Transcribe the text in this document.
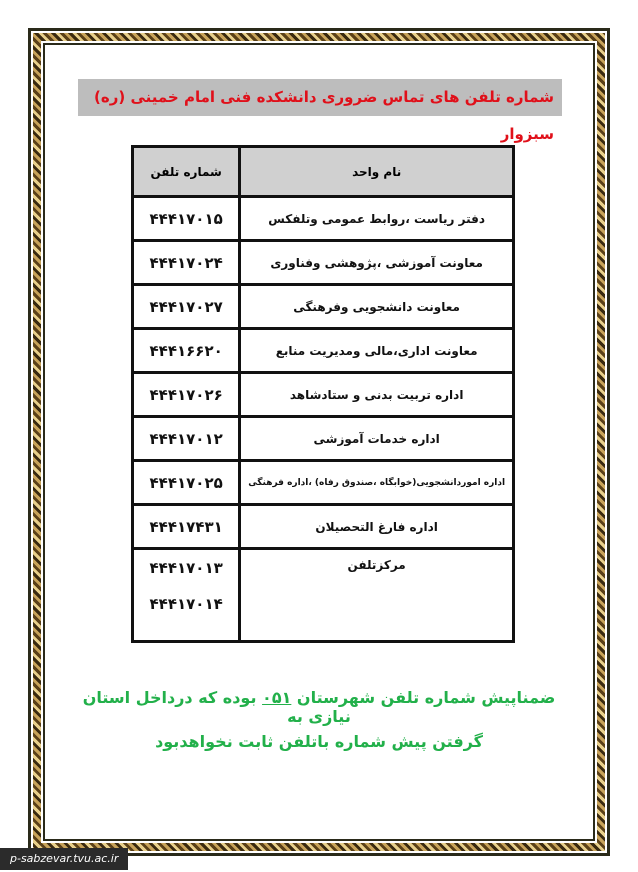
شماره تلفن های تماس ضروری دانشکده فنی امام خمینی (ره) سبزوار
نام واحد	شماره تلفن
دفتر ریاست ،روابط عمومی وتلفکس	۴۴۴۱۷۰۱۵
معاونت آموزشی ،پژوهشی وفناوری	۴۴۴۱۷۰۲۴
معاونت دانشجویی وفرهنگی	۴۴۴۱۷۰۲۷
معاونت اداری،مالی ومدیریت منابع	۴۴۴۱۶۶۲۰
اداره تربیت بدنی و ستادشاهد	۴۴۴۱۷۰۲۶
اداره خدمات آموزشی	۴۴۴۱۷۰۱۲
اداره اموردانشجویی(خوابگاه ،صندوق رفاه) ،اداره فرهنگی	۴۴۴۱۷۰۲۵
اداره فارغ التحصیلان	۴۴۴۱۷۴۳۱
مرکزتلفن	۴۴۴۱۷۰۱۳
۴۴۴۱۷۰۱۴
ضمناپیش شماره تلفن شهرستان ۰۵۱ بوده که درداخل استان نیازی به
گرفتن پیش شماره باتلفن ثابت نخواهدبود
p-sabzevar.tvu.ac.ir
